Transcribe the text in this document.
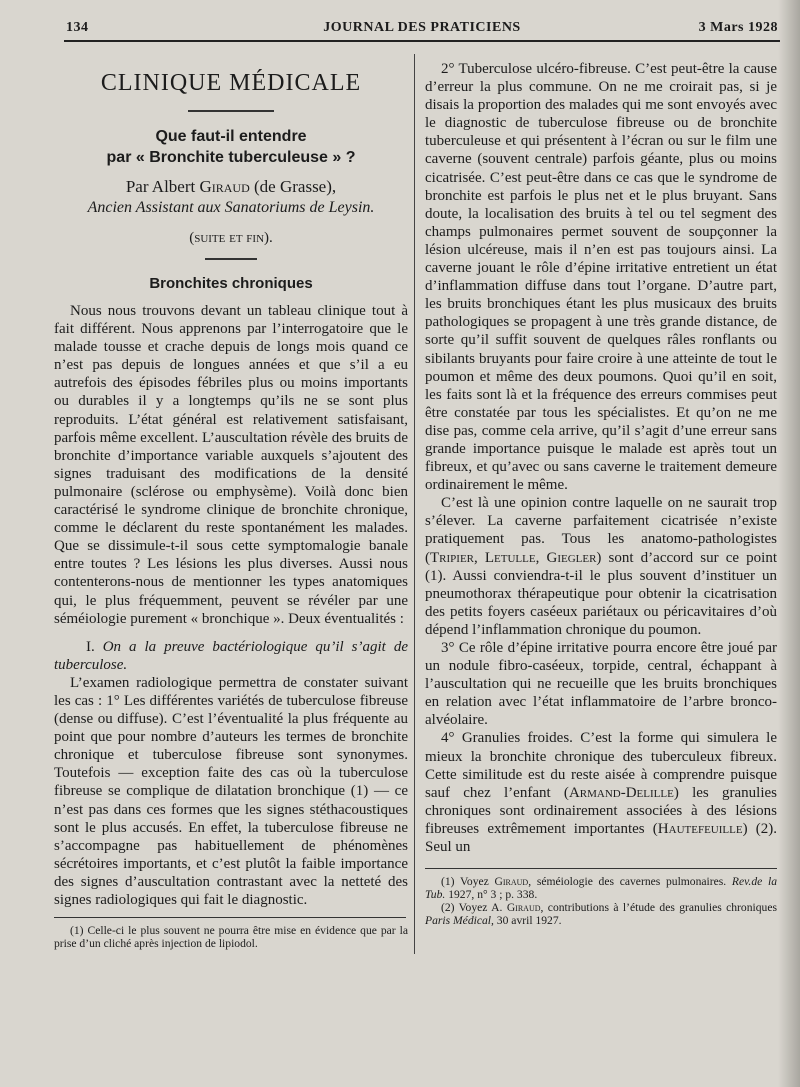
134	JOURNAL DES PRATICIENS	3 Mars 1928
CLINIQUE MÉDICALE
Que faut-il entendre
par « Bronchite tuberculeuse » ?
Par Albert Giraud (de Grasse),
Ancien Assistant aux Sanatoriums de Leysin.
(suite et fin).
Bronchites chroniques

Nous nous trouvons devant un tableau clinique tout à fait différent. Nous apprenons par l’interrogatoire que le malade tousse et crache depuis de longs mois quand ce n’est pas depuis de longues années et que s’il a eu autrefois des épisodes fébriles plus ou moins importants ou durables il y a longtemps qu’ils ne se sont plus reproduits. L’état général est relativement satisfaisant, parfois même excellent. L’auscultation révèle des bruits de bronchite d’importance variable auxquels s’ajoutent des signes traduisant des modifications de la densité pulmonaire (sclérose ou emphysème). Voilà donc bien caractérisé le syndrome clinique de bronchite chronique, comme le déclarent du reste spontanément les malades. Que se dissimule-t-il sous cette symptomalogie banale entre toutes ? Les lésions les plus diverses. Aussi nous contenterons-nous de mentionner les types anatomiques qui, le plus fréquemment, peuvent se révéler par une séméiologie purement « bronchique ». Deux éventualités :

I. On a la preuve bactériologique qu’il s’agit de tuberculose.

L’examen radiologique permettra de constater suivant les cas : 1° Les différentes variétés de tuberculose fibreuse (dense ou diffuse). C’est l’éventualité la plus fréquente au point que pour nombre d’auteurs les termes de bronchite chronique et tuberculose fibreuse sont synonymes. Toutefois — exception faite des cas où la tuberculose fibreuse se complique de dilatation bronchique (1) — ce n’est pas dans ces formes que les signes stéthacoustiques sont le plus accusés. En effet, la tuberculose fibreuse ne s’accompagne pas habituellement de phénomènes sécrétoires importants, et c’est plutôt la faible importance des signes d’auscultation contrastant avec la netteté des signes radiologiques qui fait le diagnostic.

(1) Celle-ci le plus souvent ne pourra être mise en évidence que par la prise d’un cliché après injection de lipiodol.

2° Tuberculose ulcéro-fibreuse. C’est peut-être la cause d’erreur la plus commune. On ne me croirait pas, si je disais la proportion des malades qui me sont envoyés avec le diagnostic de tuberculose fibreuse ou de bronchite tuberculeuse et qui présentent à l’écran ou sur le film une caverne (souvent centrale) parfois géante, plus ou moins cicatrisée. C’est peut-être dans ce cas que le syndrome de bronchite est parfois le plus net et le plus bruyant. Sans doute, la localisation des bruits à tel ou tel segment des champs pulmonaires permet souvent de soupçonner la lésion ulcéreuse, mais il n’en est pas toujours ainsi. La caverne jouant le rôle d’épine irritative entretient un état d’inflammation diffuse dans tout l’organe. D’autre part, les bruits bronchiques étant les plus musicaux des bruits pathologiques se propagent à une très grande distance, de sorte qu’il suffit souvent de quelques râles ronflants ou sibilants bruyants pour faire croire à une atteinte de tout le poumon et même des deux poumons. Quoi qu’il en soit, les faits sont là et la fréquence des erreurs commises peut être constatée par tous les spécialistes. Et qu’on ne me dise pas, comme cela arrive, qu’il s’agit d’une erreur sans grande importance puisque le malade est après tout un fibreux, et qu’avec ou sans caverne le traitement demeure ordinairement le même.

C’est là une opinion contre laquelle on ne saurait trop s’élever. La caverne parfaitement cicatrisée n’existe pratiquement pas. Tous les anatomo-pathologistes (Tripier, Letulle, Giegler) sont d’accord sur ce point (1). Aussi conviendra-t-il le plus souvent d’instituer un pneumothorax thérapeutique pour obtenir la cicatrisation des petits foyers caséeux pariétaux ou péricavitaires d’où dépend l’inflammation chronique du poumon.

3° Ce rôle d’épine irritative pourra encore être joué par un nodule fibro-caséeux, torpide, central, échappant à l’auscultation qui ne recueille que les bruits bronchiques en relation avec l’état inflammatoire de l’arbre bronco-alvéolaire.

4° Granulies froides. C’est la forme qui simulera le mieux la bronchite chronique des tuberculeux fibreux. Cette similitude est du reste aisée à comprendre puisque sauf chez l’enfant (Armand-Delille) les granulies chroniques sont ordinairement associées à des lésions fibreuses extrêmement importantes (Hautefeuille) (2). Seul un

(1) Voyez Giraud, séméiologie des cavernes pulmonaires. Rev.de la Tub. 1927, n° 3 ; p. 338.

(2) Voyez A. Giraud, contributions à l’étude des granulies chroniques Paris Médical, 30 avril 1927.
